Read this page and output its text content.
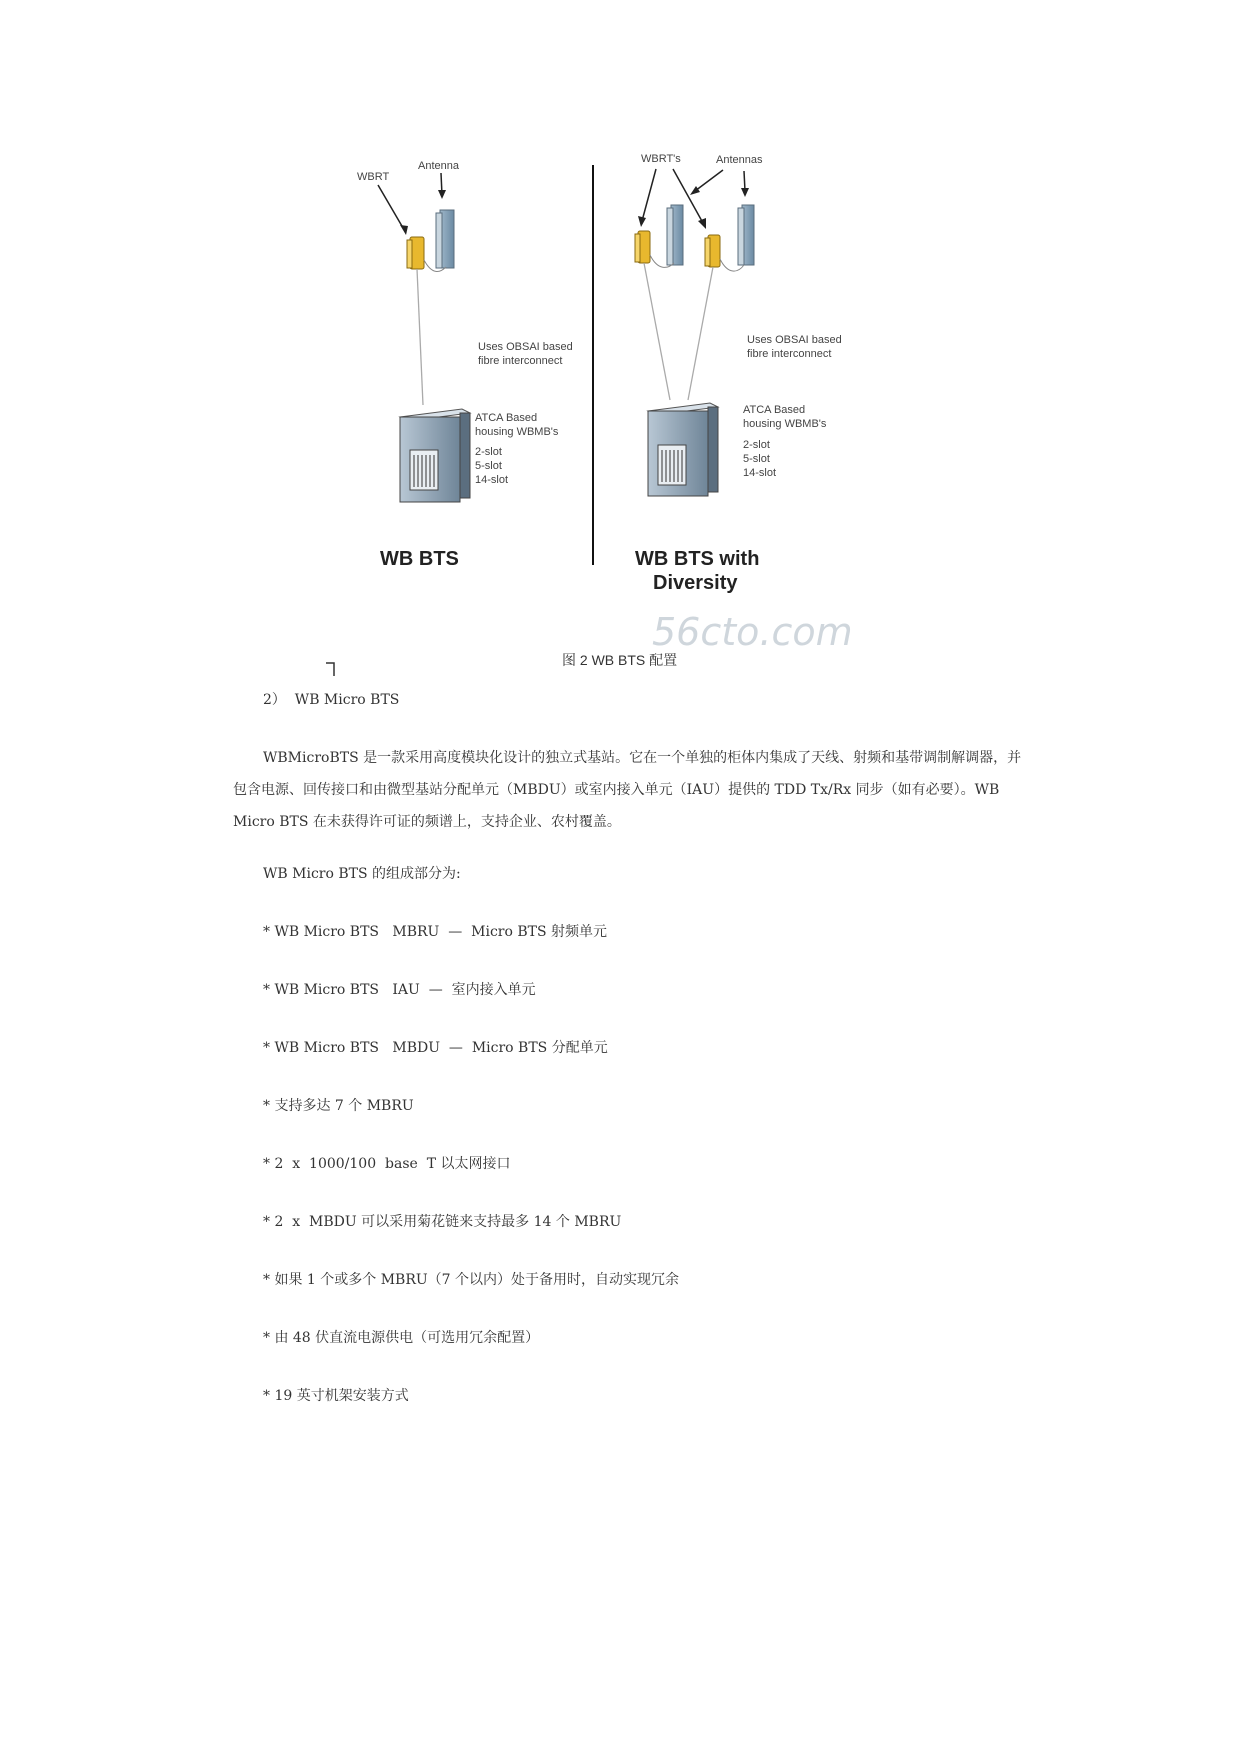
WBRT
Antenna
Uses OBSAI based
fibre interconnect
ATCA Based
housing WBMB's
2-slot
5-slot
14-slot
WB BTS
WBRT's	Antennas
Uses OBSAI based
fibre interconnect
ATCA Based
housing WBMB's
2-slot
5-slot
14-slot
WB BTS with
Diversity
56cto.com
图 2 WB BTS 配置
2）  WB Micro BTS
WBMicroBTS 是一款采用高度模块化设计的独立式基站。它在一个单独的柜体内集成了天线、射频和基带调制解调器，并包含电源、回传接口和由微型基站分配单元（MBDU）或室内接入单元（IAU）提供的 TDD Tx/Rx 同步（如有必要）。WB Micro BTS 在未获得许可证的频谱上，支持企业、农村覆盖。
WB Micro BTS 的组成部分为:
* WB Micro BTS   MBRU  —  Micro BTS 射频单元
* WB Micro BTS   IAU  —  室内接入单元
* WB Micro BTS   MBDU  —  Micro BTS 分配单元
* 支持多达 7 个 MBRU
* 2  x  1000/100  base  T 以太网接口
* 2  x  MBDU 可以采用菊花链来支持最多 14 个 MBRU
* 如果 1 个或多个 MBRU（7 个以内）处于备用时，自动实现冗余
* 由 48 伏直流电源供电（可选用冗余配置）
* 19 英寸机架安装方式
